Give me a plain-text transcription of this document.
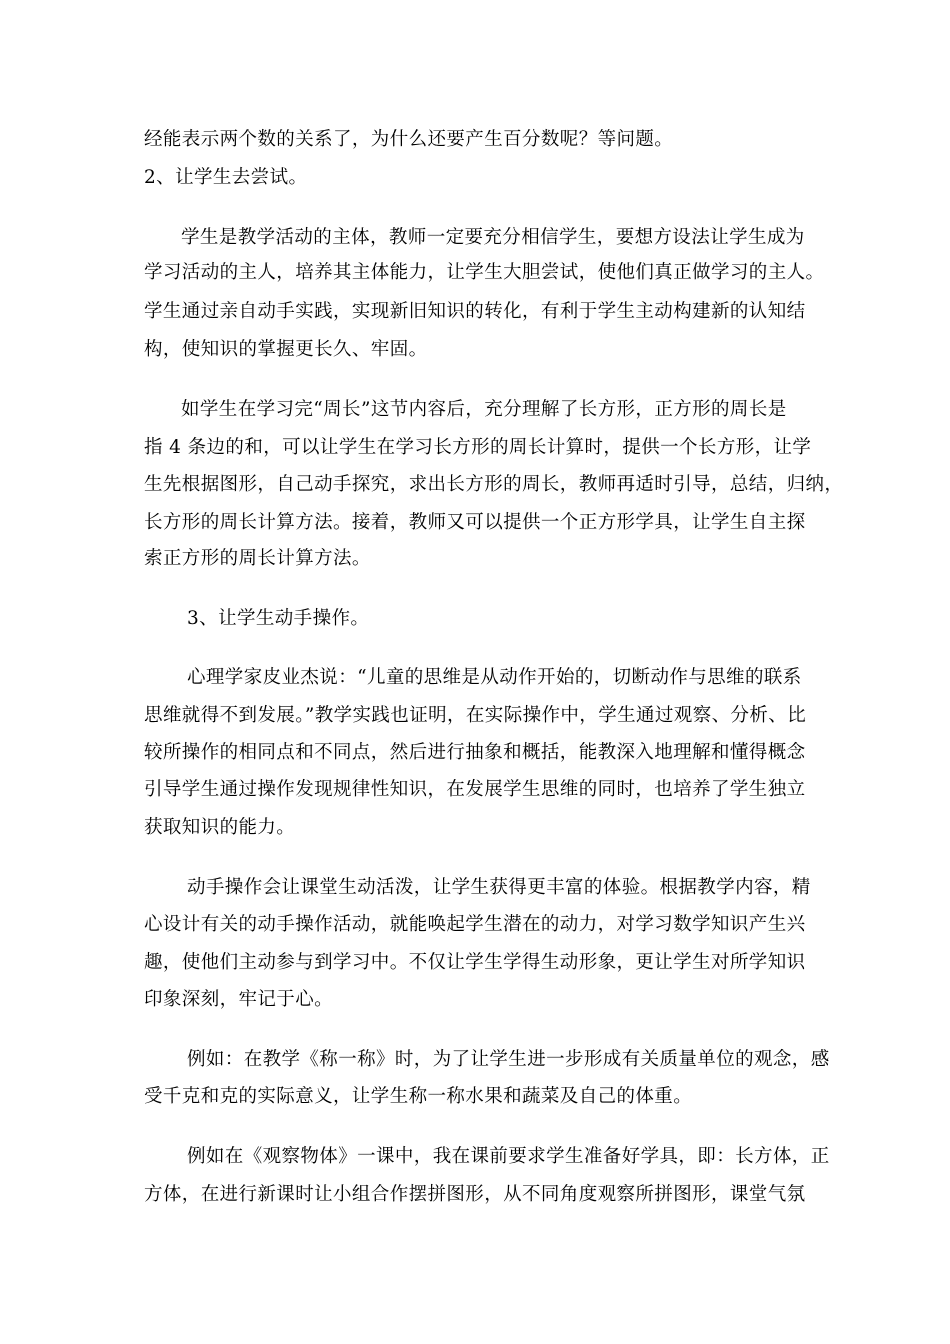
经能表示两个数的关系了，为什么还要产生百分数呢？等问题。
2、让学生去尝试。
学生是教学活动的主体，教师一定要充分相信学生，要想方设法让学生成为
学习活动的主人，培养其主体能力，让学生大胆尝试，使他们真正做学习的主人。
学生通过亲自动手实践，实现新旧知识的转化，有利于学生主动构建新的认知结
构，使知识的掌握更长久、牢固。
如学生在学习完“周长”这节内容后，充分理解了长方形，正方形的周长是
指 4 条边的和，可以让学生在学习长方形的周长计算时，提供一个长方形，让学
生先根据图形，自己动手探究，求出长方形的周长，教师再适时引导，总结，归纳，
长方形的周长计算方法。接着，教师又可以提供一个正方形学具，让学生自主探
索正方形的周长计算方法。
3、让学生动手操作。
心理学家皮业杰说：“儿童的思维是从动作开始的，切断动作与思维的联系
思维就得不到发展。”教学实践也证明，在实际操作中，学生通过观察、分析、比
较所操作的相同点和不同点，然后进行抽象和概括，能教深入地理解和懂得概念
引导学生通过操作发现规律性知识，在发展学生思维的同时，也培养了学生独立
获取知识的能力。
动手操作会让课堂生动活泼，让学生获得更丰富的体验。根据教学内容，精
心设计有关的动手操作活动，就能唤起学生潜在的动力，对学习数学知识产生兴
趣，使他们主动参与到学习中。不仅让学生学得生动形象，更让学生对所学知识
印象深刻，牢记于心。
例如：在教学《称一称》时，为了让学生进一步形成有关质量单位的观念，感
受千克和克的实际意义，让学生称一称水果和蔬菜及自己的体重。
例如在《观察物体》一课中，我在课前要求学生准备好学具，即：长方体，正
方体，在进行新课时让小组合作摆拼图形，从不同角度观察所拼图形，课堂气氛
